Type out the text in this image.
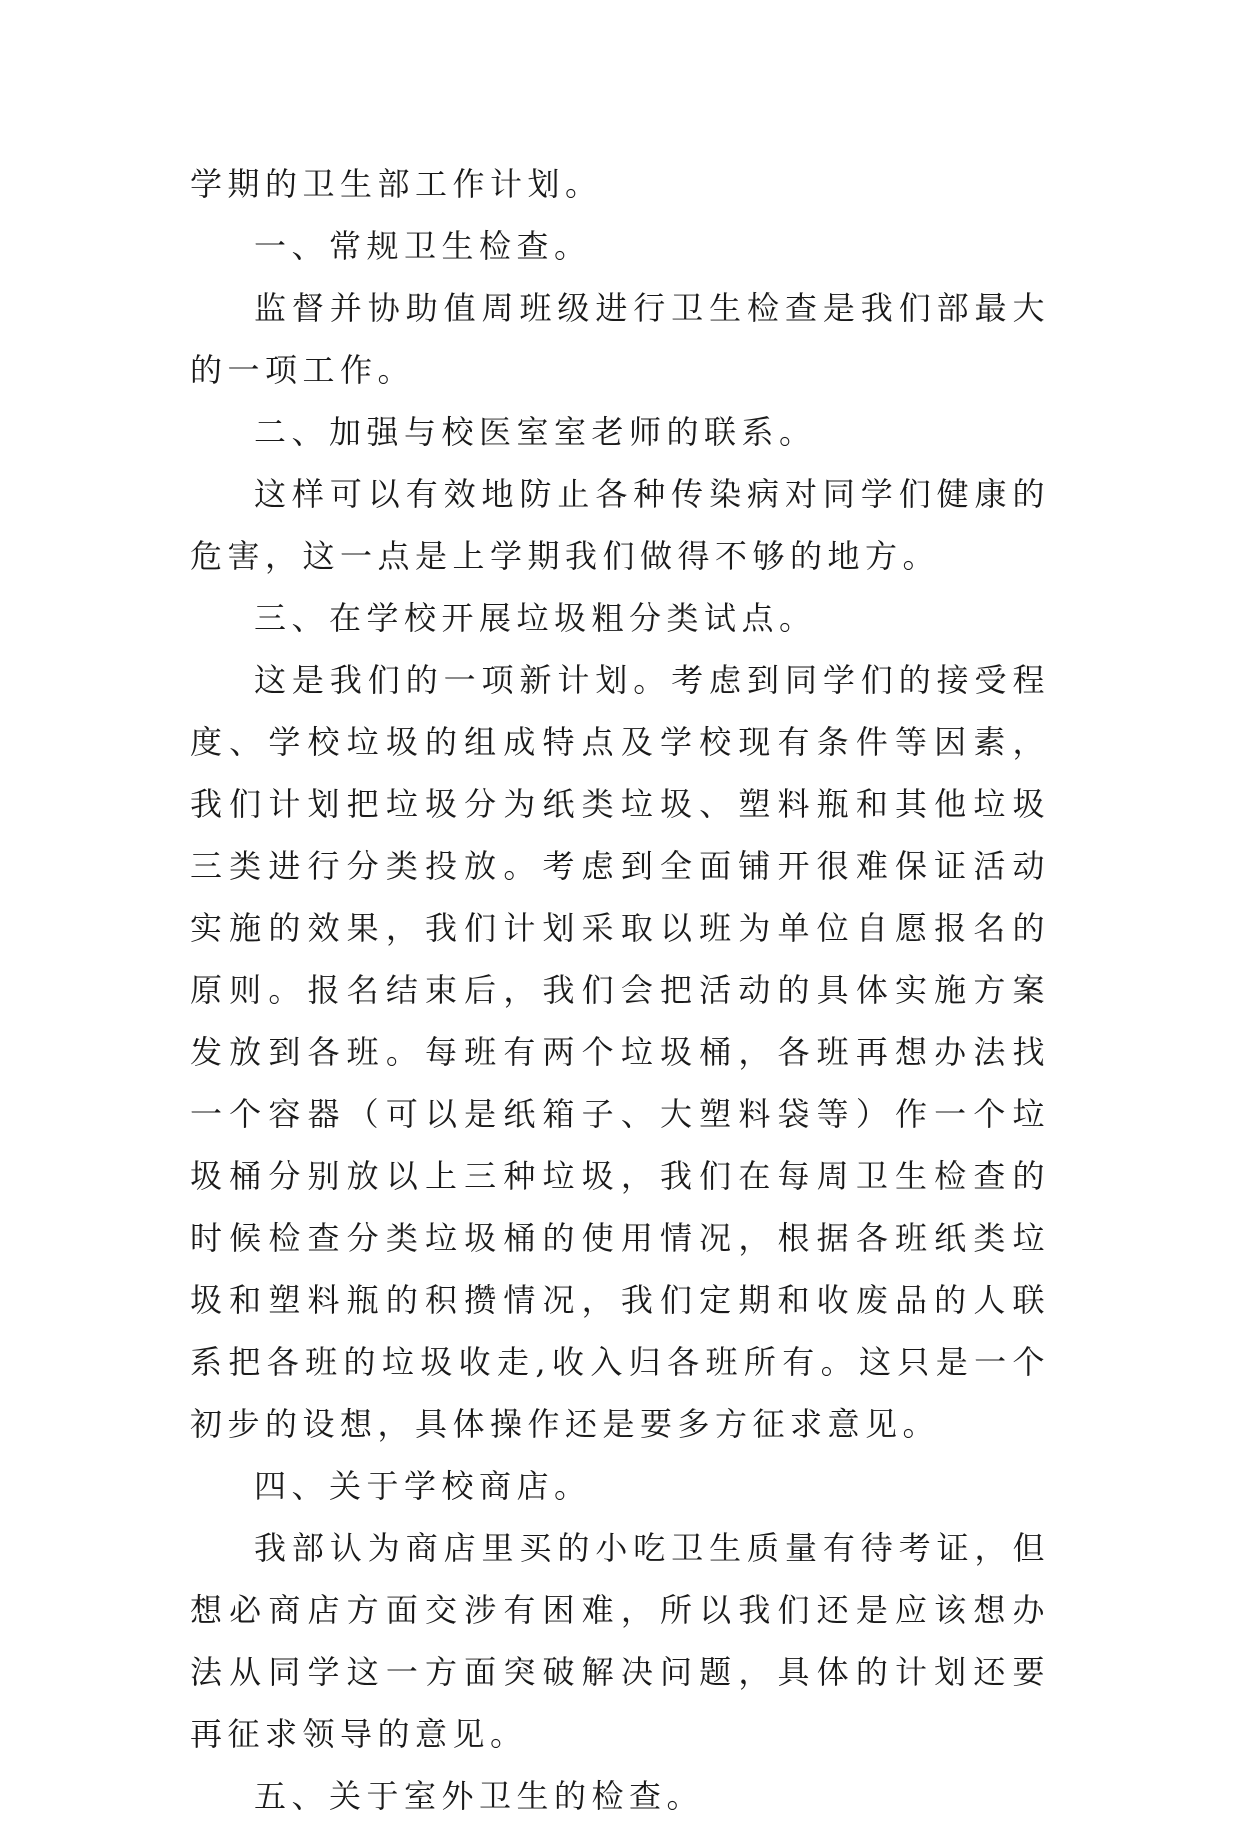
学期的卫生部工作计划。

一、常规卫生检查。

监督并协助值周班级进行卫生检查是我们部最大的一项工作。

二、加强与校医室室老师的联系。

这样可以有效地防止各种传染病对同学们健康的危害，这一点是上学期我们做得不够的地方。

三、在学校开展垃圾粗分类试点。

这是我们的一项新计划。考虑到同学们的接受程度、学校垃圾的组成特点及学校现有条件等因素，我们计划把垃圾分为纸类垃圾、塑料瓶和其他垃圾三类进行分类投放。考虑到全面铺开很难保证活动实施的效果，我们计划采取以班为单位自愿报名的原则。报名结束后，我们会把活动的具体实施方案发放到各班。每班有两个垃圾桶，各班再想办法找一个容器（可以是纸箱子、大塑料袋等）作一个垃圾桶分别放以上三种垃圾，我们在每周卫生检查的时候检查分类垃圾桶的使用情况，根据各班纸类垃圾和塑料瓶的积攒情况，我们定期和收废品的人联系把各班的垃圾收走,收入归各班所有。这只是一个初步的设想，具体操作还是要多方征求意见。

四、关于学校商店。

我部认为商店里买的小吃卫生质量有待考证，但想必商店方面交涉有困难，所以我们还是应该想办法从同学这一方面突破解决问题，具体的计划还要再征求领导的意见。

五、关于室外卫生的检查。
